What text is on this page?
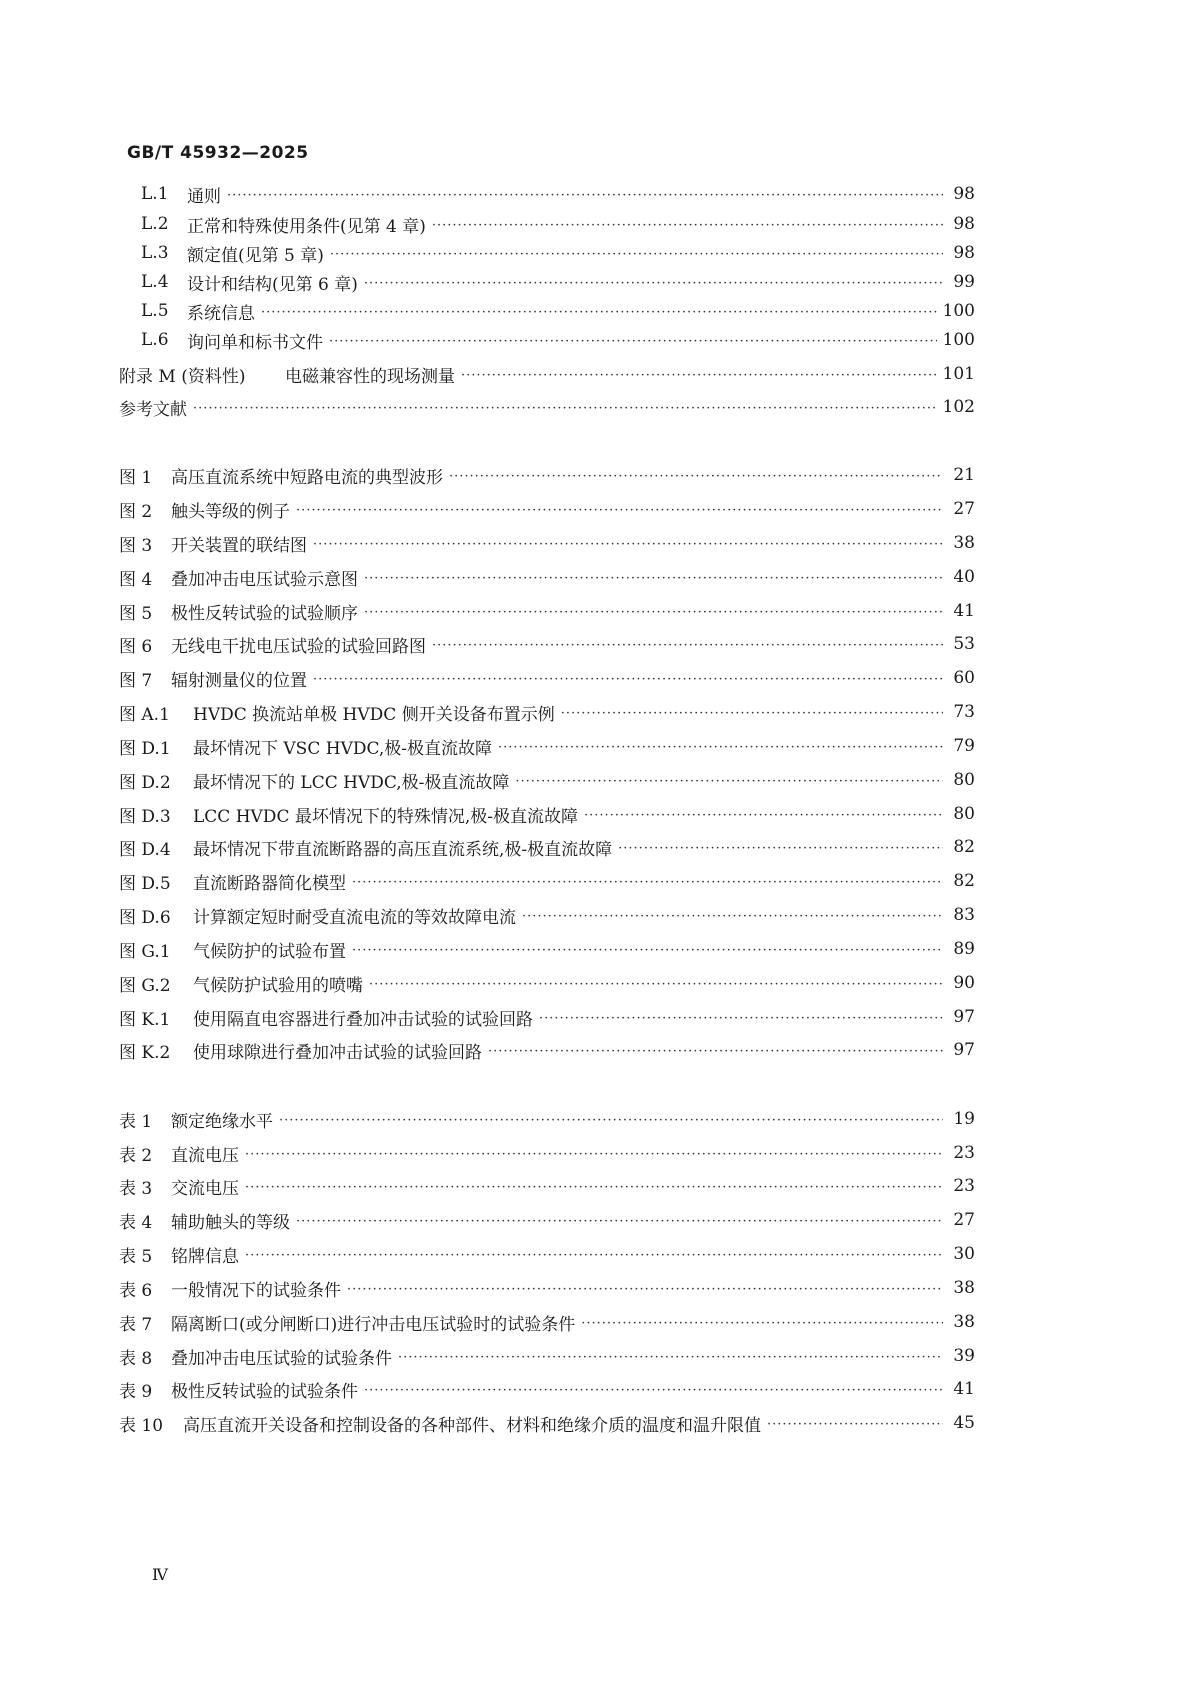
GB/T 45932—2025
L.1	通则 ·····	98
L.2	正常和特殊使用条件(见第 4 章) ·····	98
L.3	额定值(见第 5 章) ·····	98
L.4	设计和结构(见第 6 章) ·····	99
L.5	系统信息 ·····	100
L.6	询问单和标书文件 ·····	100
附录 M (资料性)	电磁兼容性的现场测量 ·····	101
参考文献 ·····	102
图 1	高压直流系统中短路电流的典型波形 ·····	21
图 2	触头等级的例子 ·····	27
图 3	开关装置的联结图 ·····	38
图 4	叠加冲击电压试验示意图 ·····	40
图 5	极性反转试验的试验顺序 ·····	41
图 6	无线电干扰电压试验的试验回路图 ·····	53
图 7	辐射测量仪的位置 ·····	60
图 A.1	HVDC 换流站单极 HVDC 侧开关设备布置示例 ·····	73
图 D.1	最坏情况下 VSC HVDC,极-极直流故障 ·····	79
图 D.2	最坏情况下的 LCC HVDC,极-极直流故障 ·····	80
图 D.3	LCC HVDC 最坏情况下的特殊情况,极-极直流故障 ·····	80
图 D.4	最坏情况下带直流断路器的高压直流系统,极-极直流故障 ·····	82
图 D.5	直流断路器简化模型 ·····	82
图 D.6	计算额定短时耐受直流电流的等效故障电流 ·····	83
图 G.1	气候防护的试验布置 ·····	89
图 G.2	气候防护试验用的喷嘴 ·····	90
图 K.1	使用隔直电容器进行叠加冲击试验的试验回路 ·····	97
图 K.2	使用球隙进行叠加冲击试验的试验回路 ·····	97
表 1	额定绝缘水平 ·····	19
表 2	直流电压 ·····	23
表 3	交流电压 ·····	23
表 4	辅助触头的等级 ·····	27
表 5	铭牌信息 ·····	30
表 6	一般情况下的试验条件 ·····	38
表 7	隔离断口(或分闸断口)进行冲击电压试验时的试验条件 ·····	38
表 8	叠加冲击电压试验的试验条件 ·····	39
表 9	极性反转试验的试验条件 ·····	41
表 10	高压直流开关设备和控制设备的各种部件、材料和绝缘介质的温度和温升限值 ·····	45
Ⅳ
